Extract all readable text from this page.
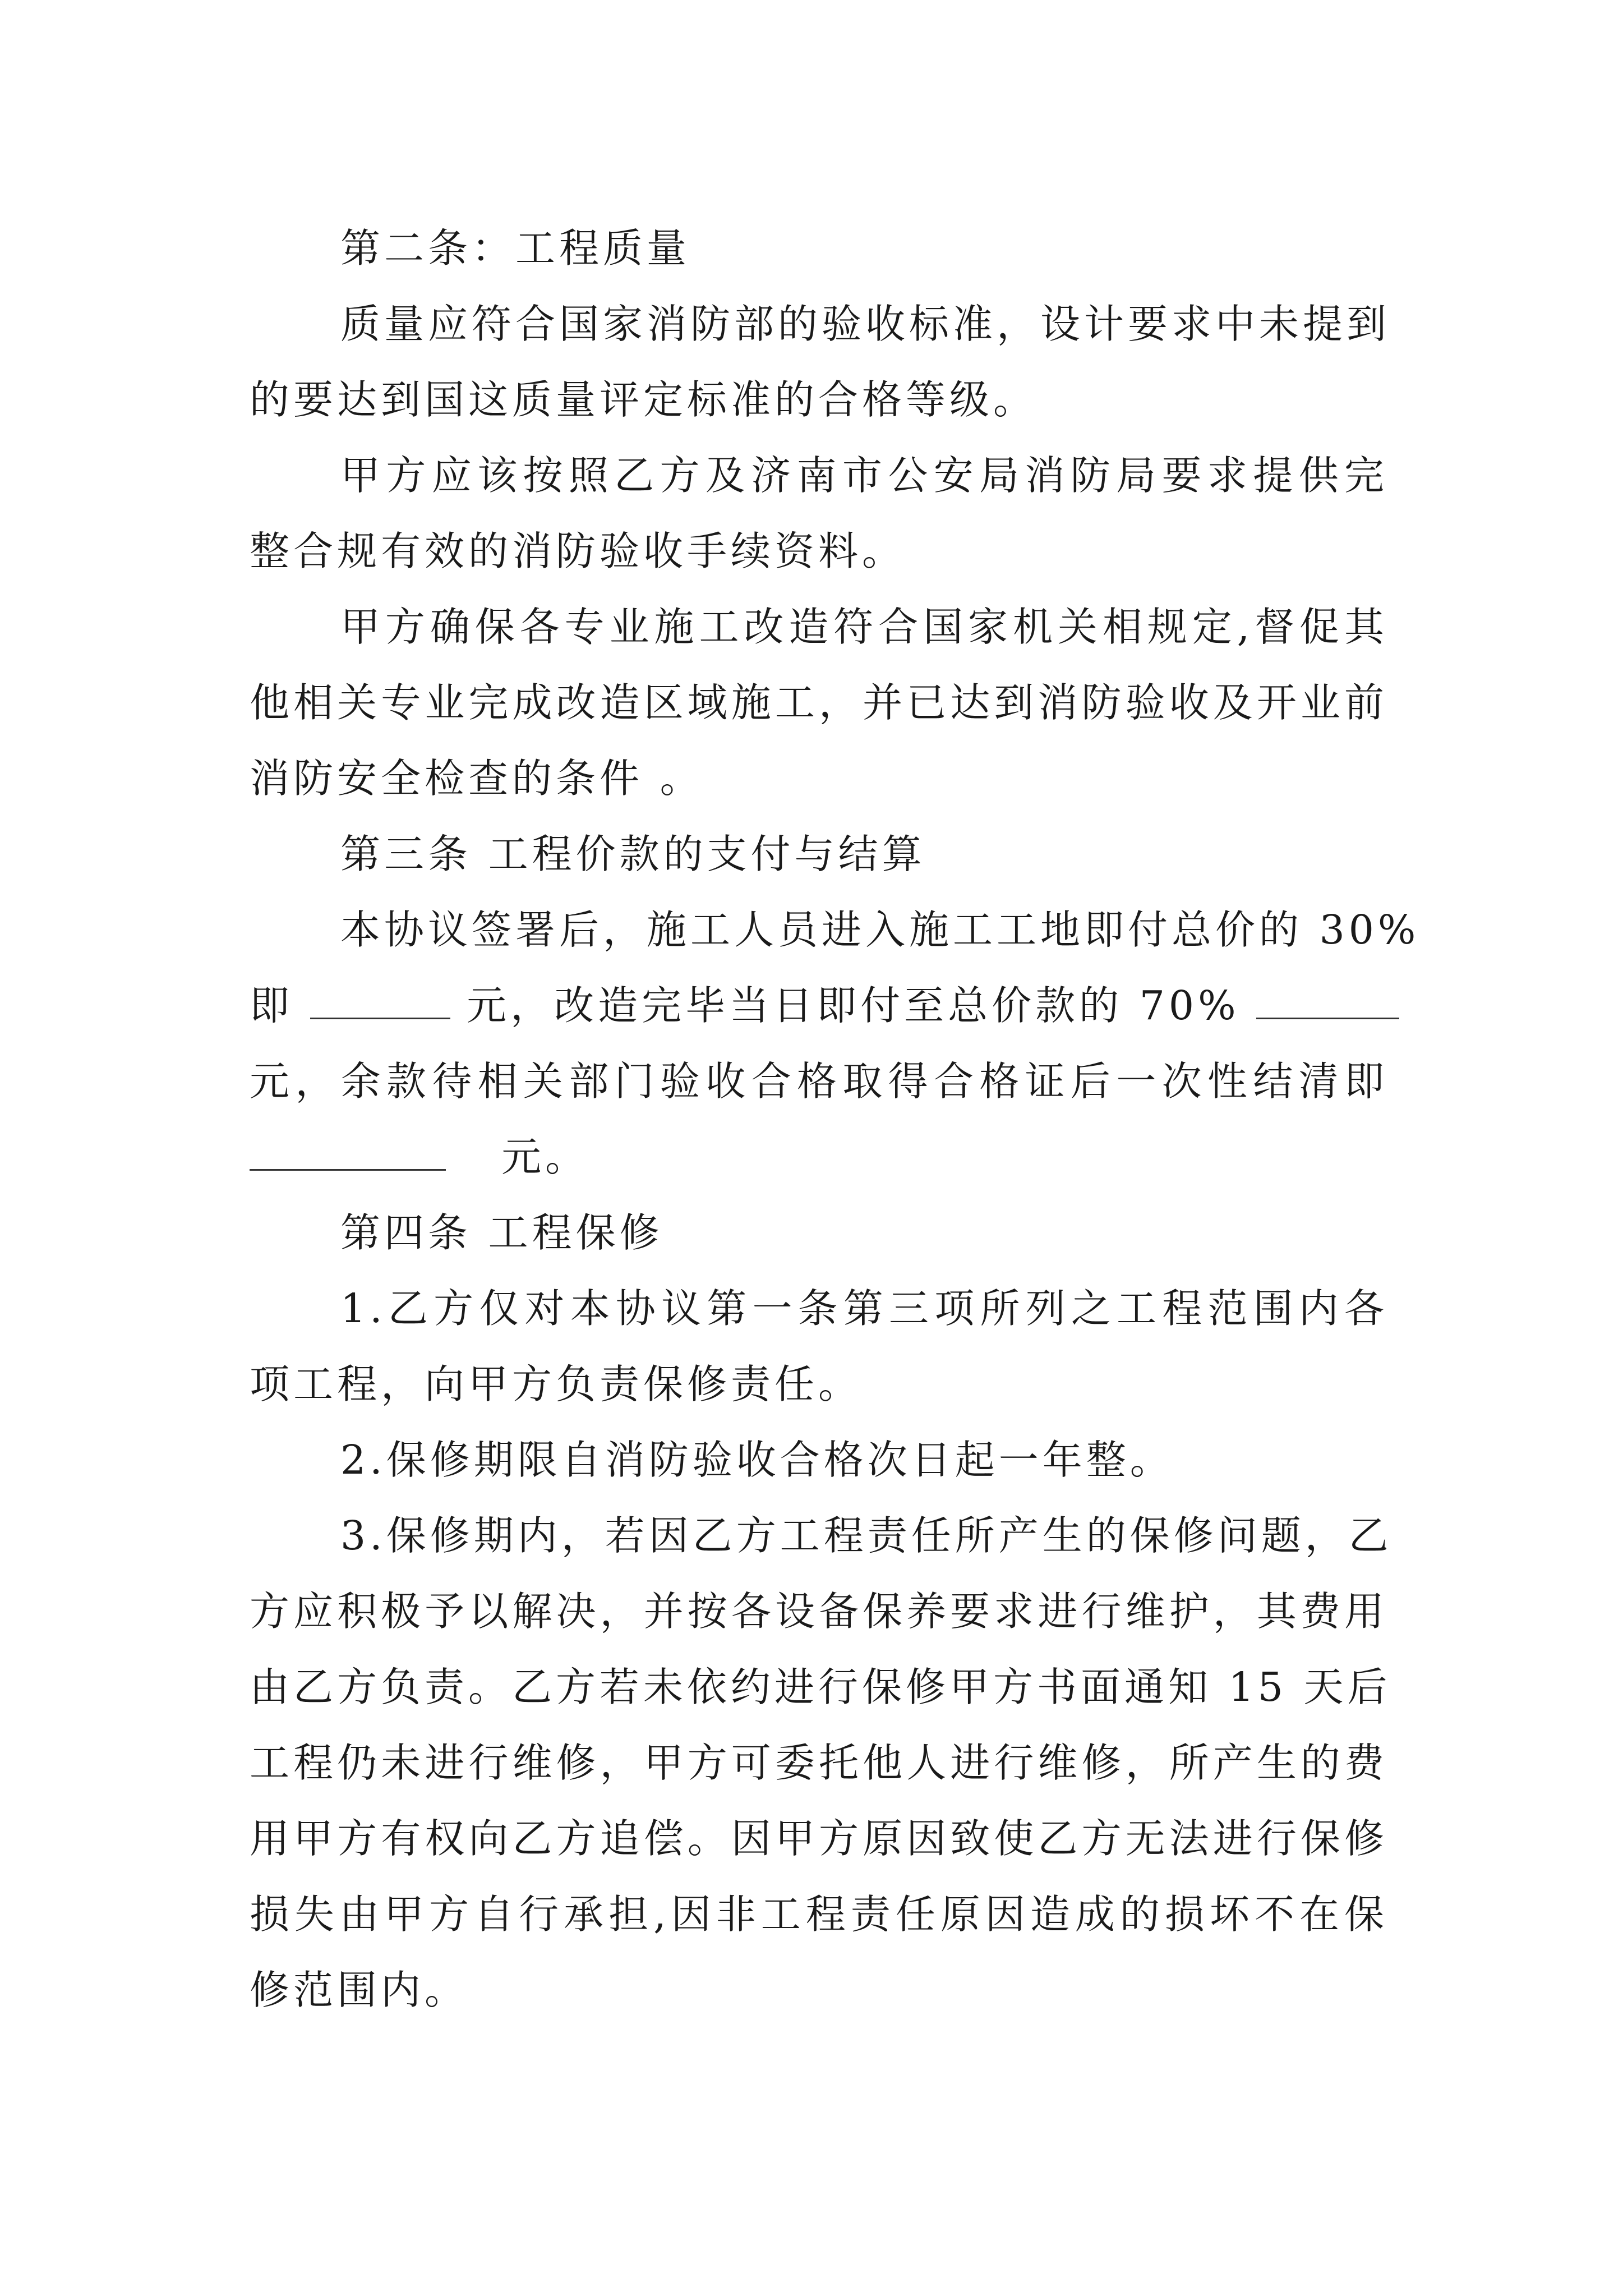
第二条：工程质量
质量应符合国家消防部的验收标准，设计要求中未提到
的要达到国这质量评定标准的合格等级。
甲方应该按照乙方及济南市公安局消防局要求提供完
整合规有效的消防验收手续资料。
甲方确保各专业施工改造符合国家机关相规定,督促其
他相关专业完成改造区域施工，并已达到消防验收及开业前
消防安全检查的条件 。
第三条 工程价款的支付与结算
本协议签署后，施工人员进入施工工地即付总价的 30%
即	元，改造完毕当日即付至总价款的 70%
元，余款待相关部门验收合格取得合格证后一次性结清即
元。
第四条 工程保修
1.乙方仅对本协议第一条第三项所列之工程范围内各
项工程，向甲方负责保修责任。
2.保修期限自消防验收合格次日起一年整。
3.保修期内，若因乙方工程责任所产生的保修问题，乙
方应积极予以解决，并按各设备保养要求进行维护，其费用
由乙方负责。乙方若未依约进行保修甲方书面通知 15 天后
工程仍未进行维修，甲方可委托他人进行维修，所产生的费
用甲方有权向乙方追偿。因甲方原因致使乙方无法进行保修
损失由甲方自行承担,因非工程责任原因造成的损坏不在保
修范围内。
